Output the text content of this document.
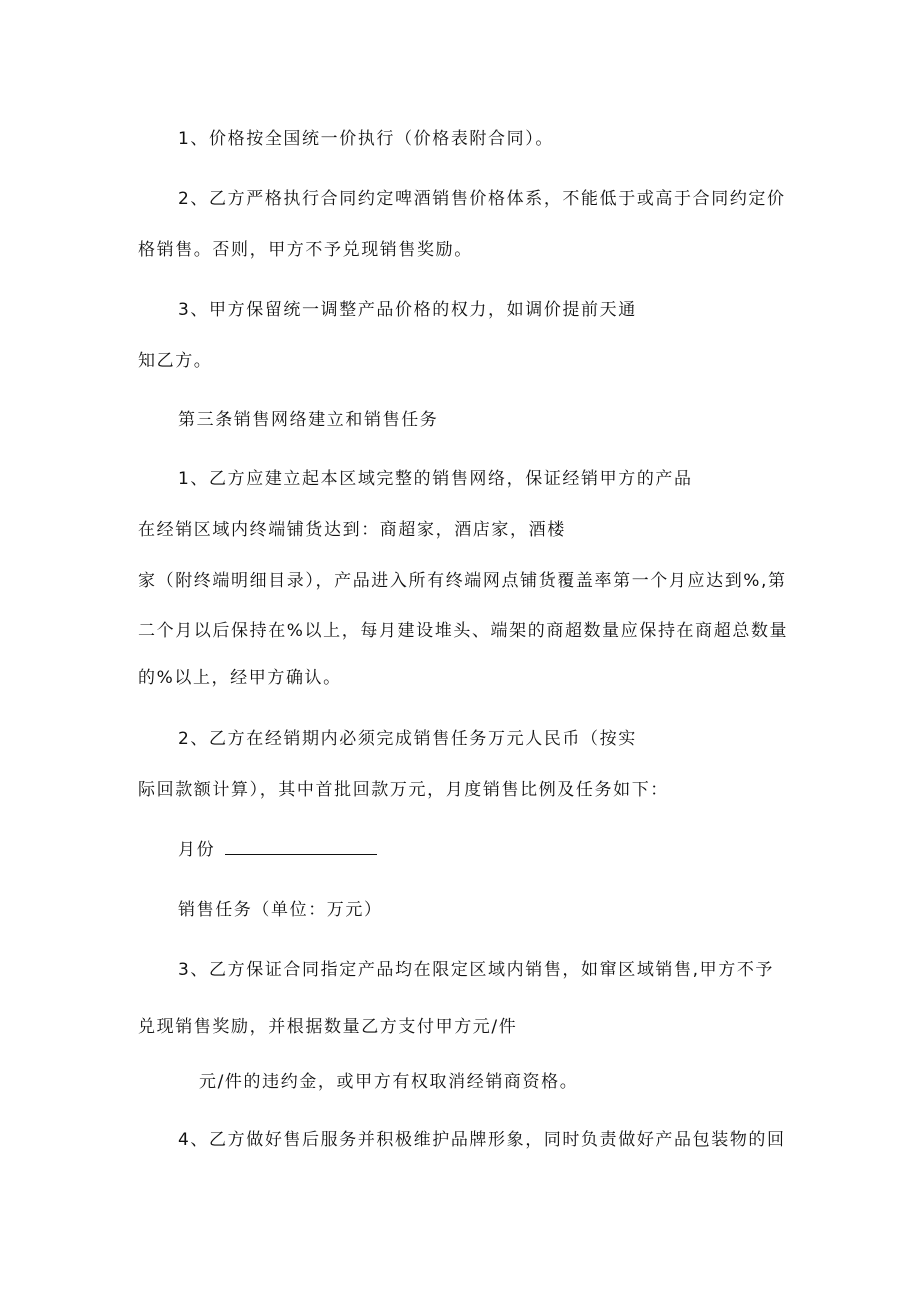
1、价格按全国统一价执行（价格表附合同）。
2、乙方严格执行合同约定啤酒销售价格体系，不能低于或高于合同约定价
格销售。否则，甲方不予兑现销售奖励。
3、甲方保留统一调整产品价格的权力，如调价提前天通
知乙方。
第三条销售网络建立和销售任务
1、乙方应建立起本区域完整的销售网络，保证经销甲方的产品
在经销区域内终端铺货达到：商超家，酒店家，酒楼
家（附终端明细目录），产品进入所有终端网点铺货覆盖率第一个月应达到%,第
二个月以后保持在%以上，每月建设堆头、端架的商超数量应保持在商超总数量
的%以上，经甲方确认。
2、乙方在经销期内必须完成销售任务万元人民币（按实
际回款额计算），其中首批回款万元，月度销售比例及任务如下：
月份
销售任务（单位：万元）
3、乙方保证合同指定产品均在限定区域内销售，如窜区域销售,甲方不予
兑现销售奖励，并根据数量乙方支付甲方元/件
元/件的违约金，或甲方有权取消经销商资格。
4、乙方做好售后服务并积极维护品牌形象，同时负责做好产品包装物的回
